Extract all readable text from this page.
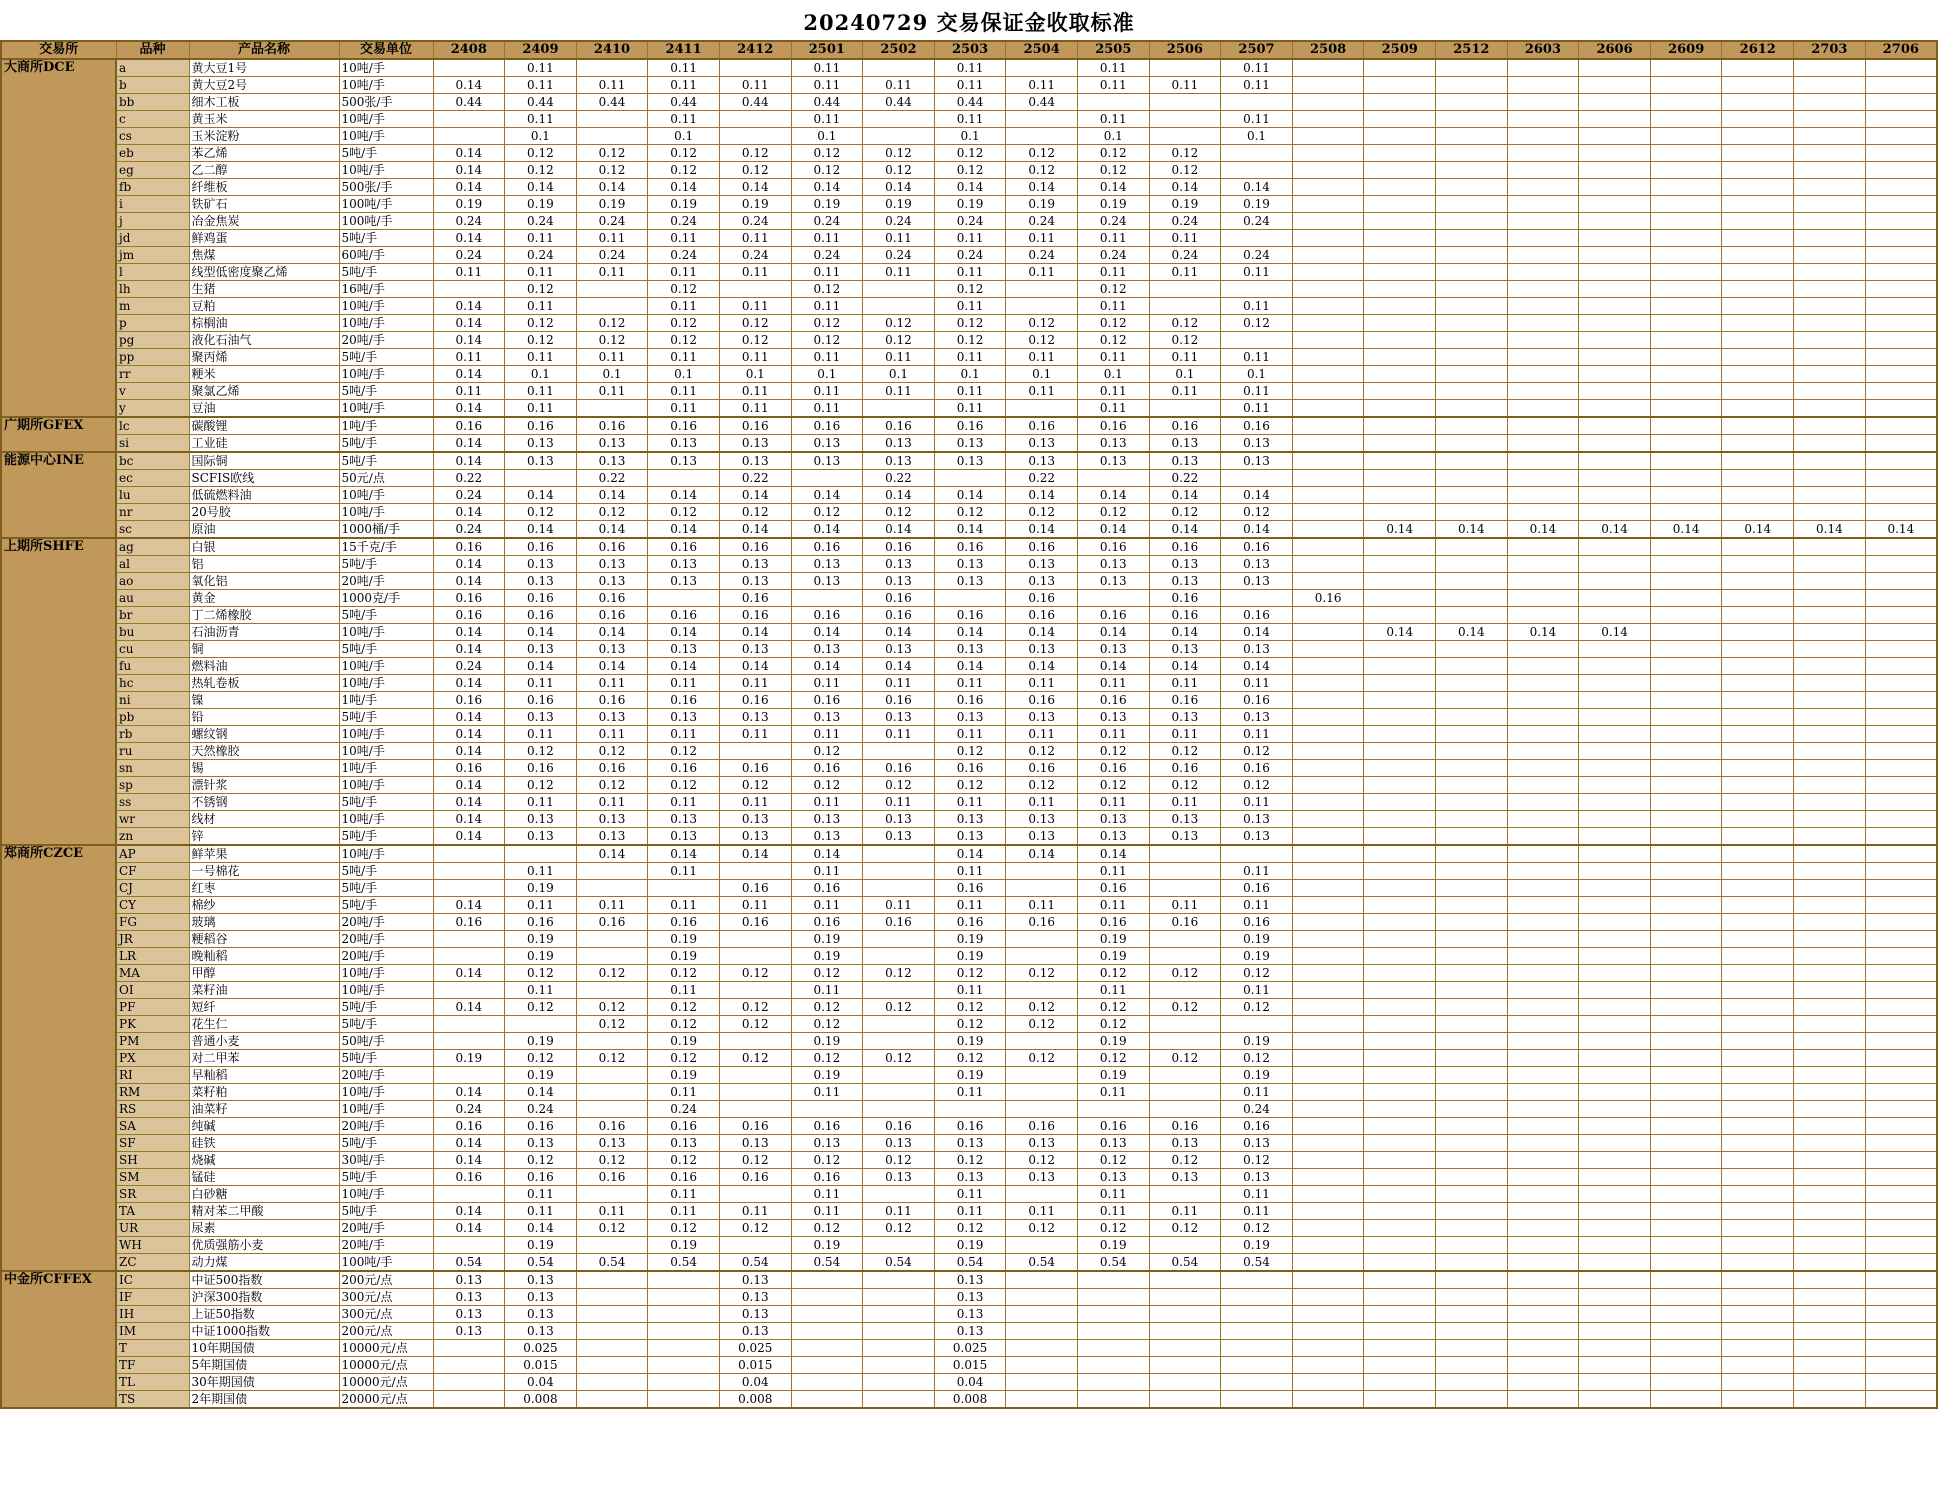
20240729 交易保证金收取标准
交易所	品种	产品名称	交易单位	2408	2409	2410	2411	2412	2501	2502	2503	2504	2505	2506	2507	2508	2509	2512	2603	2606	2609	2612	2703	2706
大商所DCE	a	黄大豆1号	10吨/手		0.11		0.11		0.11		0.11		0.11		0.11									
	b	黄大豆2号	10吨/手	0.14	0.11	0.11	0.11	0.11	0.11	0.11	0.11	0.11	0.11	0.11	0.11									
	bb	细木工板	500张/手	0.44	0.44	0.44	0.44	0.44	0.44	0.44	0.44	0.44												
	c	黄玉米	10吨/手		0.11		0.11		0.11		0.11		0.11		0.11									
	cs	玉米淀粉	10吨/手		0.1		0.1		0.1		0.1		0.1		0.1									
	eb	苯乙烯	5吨/手	0.14	0.12	0.12	0.12	0.12	0.12	0.12	0.12	0.12	0.12	0.12										
	eg	乙二醇	10吨/手	0.14	0.12	0.12	0.12	0.12	0.12	0.12	0.12	0.12	0.12	0.12										
	fb	纤维板	500张/手	0.14	0.14	0.14	0.14	0.14	0.14	0.14	0.14	0.14	0.14	0.14	0.14									
	i	铁矿石	100吨/手	0.19	0.19	0.19	0.19	0.19	0.19	0.19	0.19	0.19	0.19	0.19	0.19									
	j	冶金焦炭	100吨/手	0.24	0.24	0.24	0.24	0.24	0.24	0.24	0.24	0.24	0.24	0.24	0.24									
	jd	鲜鸡蛋	5吨/手	0.14	0.11	0.11	0.11	0.11	0.11	0.11	0.11	0.11	0.11	0.11										
	jm	焦煤	60吨/手	0.24	0.24	0.24	0.24	0.24	0.24	0.24	0.24	0.24	0.24	0.24	0.24									
	l	线型低密度聚乙烯	5吨/手	0.11	0.11	0.11	0.11	0.11	0.11	0.11	0.11	0.11	0.11	0.11	0.11									
	lh	生猪	16吨/手		0.12		0.12		0.12		0.12		0.12											
	m	豆粕	10吨/手	0.14	0.11		0.11	0.11	0.11		0.11		0.11		0.11									
	p	棕榈油	10吨/手	0.14	0.12	0.12	0.12	0.12	0.12	0.12	0.12	0.12	0.12	0.12	0.12									
	pg	液化石油气	20吨/手	0.14	0.12	0.12	0.12	0.12	0.12	0.12	0.12	0.12	0.12	0.12										
	pp	聚丙烯	5吨/手	0.11	0.11	0.11	0.11	0.11	0.11	0.11	0.11	0.11	0.11	0.11	0.11									
	rr	粳米	10吨/手	0.14	0.1	0.1	0.1	0.1	0.1	0.1	0.1	0.1	0.1	0.1	0.1									
	v	聚氯乙烯	5吨/手	0.11	0.11	0.11	0.11	0.11	0.11	0.11	0.11	0.11	0.11	0.11	0.11									
	y	豆油	10吨/手	0.14	0.11		0.11	0.11	0.11		0.11		0.11		0.11									
广期所GFEX	lc	碳酸锂	1吨/手	0.16	0.16	0.16	0.16	0.16	0.16	0.16	0.16	0.16	0.16	0.16	0.16									
	si	工业硅	5吨/手	0.14	0.13	0.13	0.13	0.13	0.13	0.13	0.13	0.13	0.13	0.13	0.13									
能源中心INE	bc	国际铜	5吨/手	0.14	0.13	0.13	0.13	0.13	0.13	0.13	0.13	0.13	0.13	0.13	0.13									
	ec	SCFIS欧线	50元/点	0.22		0.22		0.22		0.22		0.22		0.22										
	lu	低硫燃料油	10吨/手	0.24	0.14	0.14	0.14	0.14	0.14	0.14	0.14	0.14	0.14	0.14	0.14									
	nr	20号胶	10吨/手	0.14	0.12	0.12	0.12	0.12	0.12	0.12	0.12	0.12	0.12	0.12	0.12									
	sc	原油	1000桶/手	0.24	0.14	0.14	0.14	0.14	0.14	0.14	0.14	0.14	0.14	0.14	0.14		0.14	0.14	0.14	0.14	0.14	0.14	0.14	0.14
上期所SHFE	ag	白银	15千克/手	0.16	0.16	0.16	0.16	0.16	0.16	0.16	0.16	0.16	0.16	0.16	0.16									
	al	铝	5吨/手	0.14	0.13	0.13	0.13	0.13	0.13	0.13	0.13	0.13	0.13	0.13	0.13									
	ao	氧化铝	20吨/手	0.14	0.13	0.13	0.13	0.13	0.13	0.13	0.13	0.13	0.13	0.13	0.13									
	au	黄金	1000克/手	0.16	0.16	0.16		0.16		0.16		0.16		0.16		0.16								
	br	丁二烯橡胶	5吨/手	0.16	0.16	0.16	0.16	0.16	0.16	0.16	0.16	0.16	0.16	0.16	0.16									
	bu	石油沥青	10吨/手	0.14	0.14	0.14	0.14	0.14	0.14	0.14	0.14	0.14	0.14	0.14	0.14		0.14	0.14	0.14	0.14				
	cu	铜	5吨/手	0.14	0.13	0.13	0.13	0.13	0.13	0.13	0.13	0.13	0.13	0.13	0.13									
	fu	燃料油	10吨/手	0.24	0.14	0.14	0.14	0.14	0.14	0.14	0.14	0.14	0.14	0.14	0.14									
	hc	热轧卷板	10吨/手	0.14	0.11	0.11	0.11	0.11	0.11	0.11	0.11	0.11	0.11	0.11	0.11									
	ni	镍	1吨/手	0.16	0.16	0.16	0.16	0.16	0.16	0.16	0.16	0.16	0.16	0.16	0.16									
	pb	铅	5吨/手	0.14	0.13	0.13	0.13	0.13	0.13	0.13	0.13	0.13	0.13	0.13	0.13									
	rb	螺纹钢	10吨/手	0.14	0.11	0.11	0.11	0.11	0.11	0.11	0.11	0.11	0.11	0.11	0.11									
	ru	天然橡胶	10吨/手	0.14	0.12	0.12	0.12		0.12		0.12	0.12	0.12	0.12	0.12									
	sn	锡	1吨/手	0.16	0.16	0.16	0.16	0.16	0.16	0.16	0.16	0.16	0.16	0.16	0.16									
	sp	漂针浆	10吨/手	0.14	0.12	0.12	0.12	0.12	0.12	0.12	0.12	0.12	0.12	0.12	0.12									
	ss	不锈钢	5吨/手	0.14	0.11	0.11	0.11	0.11	0.11	0.11	0.11	0.11	0.11	0.11	0.11									
	wr	线材	10吨/手	0.14	0.13	0.13	0.13	0.13	0.13	0.13	0.13	0.13	0.13	0.13	0.13									
	zn	锌	5吨/手	0.14	0.13	0.13	0.13	0.13	0.13	0.13	0.13	0.13	0.13	0.13	0.13									
郑商所CZCE	AP	鲜苹果	10吨/手			0.14	0.14	0.14	0.14		0.14	0.14	0.14											
	CF	一号棉花	5吨/手		0.11		0.11		0.11		0.11		0.11		0.11									
	CJ	红枣	5吨/手		0.19			0.16	0.16		0.16		0.16		0.16									
	CY	棉纱	5吨/手	0.14	0.11	0.11	0.11	0.11	0.11	0.11	0.11	0.11	0.11	0.11	0.11									
	FG	玻璃	20吨/手	0.16	0.16	0.16	0.16	0.16	0.16	0.16	0.16	0.16	0.16	0.16	0.16									
	JR	粳稻谷	20吨/手		0.19		0.19		0.19		0.19		0.19		0.19									
	LR	晚籼稻	20吨/手		0.19		0.19		0.19		0.19		0.19		0.19									
	MA	甲醇	10吨/手	0.14	0.12	0.12	0.12	0.12	0.12	0.12	0.12	0.12	0.12	0.12	0.12									
	OI	菜籽油	10吨/手		0.11		0.11		0.11		0.11		0.11		0.11									
	PF	短纤	5吨/手	0.14	0.12	0.12	0.12	0.12	0.12	0.12	0.12	0.12	0.12	0.12	0.12									
	PK	花生仁	5吨/手			0.12	0.12	0.12	0.12		0.12	0.12	0.12											
	PM	普通小麦	50吨/手		0.19		0.19		0.19		0.19		0.19		0.19									
	PX	对二甲苯	5吨/手	0.19	0.12	0.12	0.12	0.12	0.12	0.12	0.12	0.12	0.12	0.12	0.12									
	RI	早籼稻	20吨/手		0.19		0.19		0.19		0.19		0.19		0.19									
	RM	菜籽粕	10吨/手	0.14	0.14		0.11		0.11		0.11		0.11		0.11									
	RS	油菜籽	10吨/手	0.24	0.24		0.24								0.24									
	SA	纯碱	20吨/手	0.16	0.16	0.16	0.16	0.16	0.16	0.16	0.16	0.16	0.16	0.16	0.16									
	SF	硅铁	5吨/手	0.14	0.13	0.13	0.13	0.13	0.13	0.13	0.13	0.13	0.13	0.13	0.13									
	SH	烧碱	30吨/手	0.14	0.12	0.12	0.12	0.12	0.12	0.12	0.12	0.12	0.12	0.12	0.12									
	SM	锰硅	5吨/手	0.16	0.16	0.16	0.16	0.16	0.16	0.13	0.13	0.13	0.13	0.13	0.13									
	SR	白砂糖	10吨/手		0.11		0.11		0.11		0.11		0.11		0.11									
	TA	精对苯二甲酸	5吨/手	0.14	0.11	0.11	0.11	0.11	0.11	0.11	0.11	0.11	0.11	0.11	0.11									
	UR	尿素	20吨/手	0.14	0.14	0.12	0.12	0.12	0.12	0.12	0.12	0.12	0.12	0.12	0.12									
	WH	优质强筋小麦	20吨/手		0.19		0.19		0.19		0.19		0.19		0.19									
	ZC	动力煤	100吨/手	0.54	0.54	0.54	0.54	0.54	0.54	0.54	0.54	0.54	0.54	0.54	0.54									
中金所CFFEX	IC	中证500指数	200元/点	0.13	0.13			0.13			0.13													
	IF	沪深300指数	300元/点	0.13	0.13			0.13			0.13													
	IH	上证50指数	300元/点	0.13	0.13			0.13			0.13													
	IM	中证1000指数	200元/点	0.13	0.13			0.13			0.13													
	T	10年期国债	10000元/点		0.025			0.025			0.025													
	TF	5年期国债	10000元/点		0.015			0.015			0.015													
	TL	30年期国债	10000元/点		0.04			0.04			0.04													
	TS	2年期国债	20000元/点		0.008			0.008			0.008													
